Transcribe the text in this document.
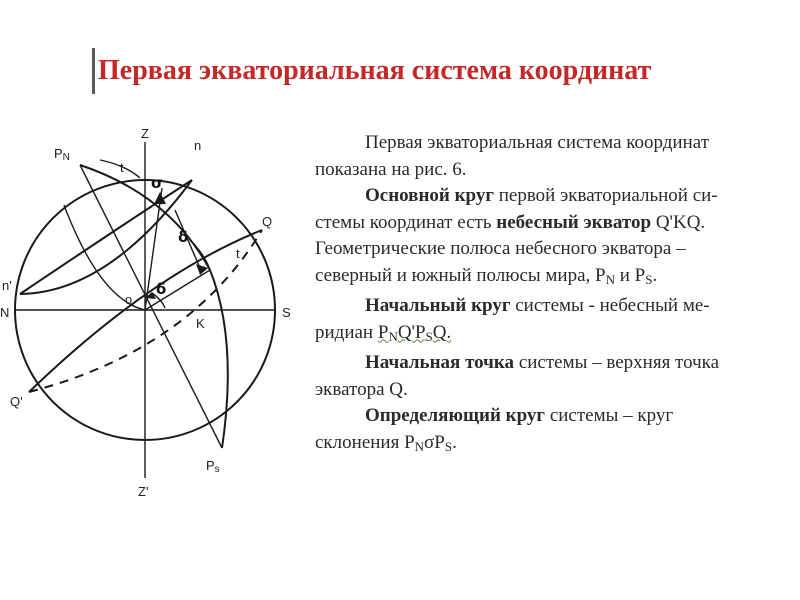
Первая экваториальная система координат
Z
Z'
PN
Ps
n
n'
N	S
Q
Q'
K
o
t
t
σ
δ
δ

Первая экваториальная система координат

показана на рис. 6.

Основной круг первой экваториальной си-

стемы координат есть небесный экватор Q'KQ.

Геометрические полюса небесного экватора –

северный и южный полюсы мира, $P_N$ и $P_S$.

Начальный круг системы - небесный ме-

ридиан $P_NQ'P_SQ$.

Начальная точка системы – верхняя точка

экватора Q.

Определяющий круг системы – круг

склонения $P_N\sigma P_S$.
